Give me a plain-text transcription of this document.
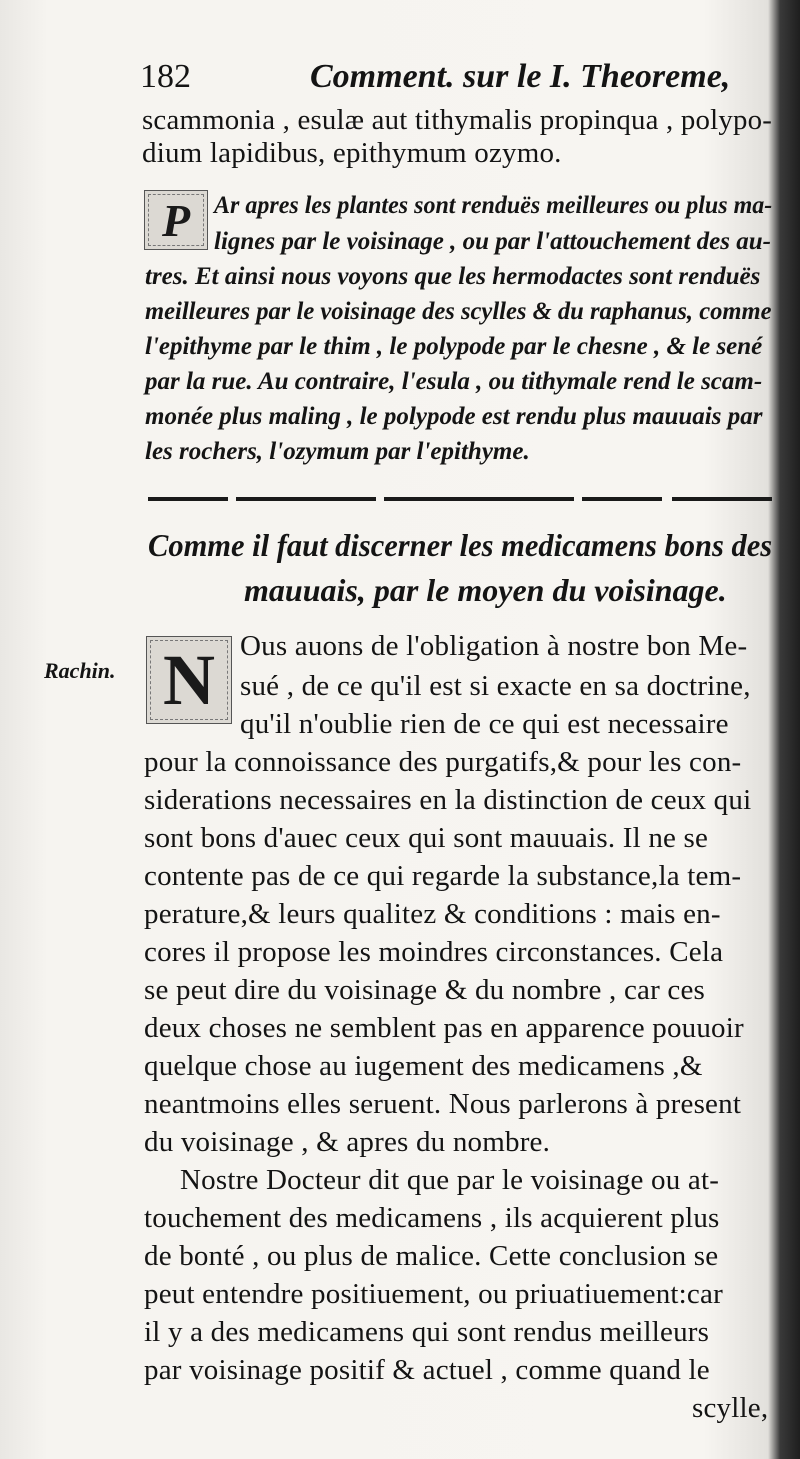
182	Comment. sur le I. Theoreme,
scammonia , esulæ aut tithymalis propinqua , polypo-
dium lapidibus, epithymum ozymo.
P Ar apres les plantes sont renduës meilleures ou plus ma-
lignes par le voisinage , ou par l'attouchement des au-
tres. Et ainsi nous voyons que les hermodactes sont renduës
meilleures par le voisinage des scylles & du raphanus, comme
l'epithyme par le thim , le polypode par le chesne , & le sené
par la rue. Au contraire, l'esula , ou tithymale rend le scam-
monée plus maling , le polypode est rendu plus mauuais par
les rochers, l'ozymum par l'epithyme.
Comme il faut discerner les medicamens bons des
mauuais, par le moyen du voisinage.
Rachin. N Ous auons de l'obligation à nostre bon Me-
sué , de ce qu'il est si exacte en sa doctrine,
qu'il n'oublie rien de ce qui est necessaire
pour la connoissance des purgatifs,& pour les con-
siderations necessaires en la distinction de ceux qui
sont bons d'auec ceux qui sont mauuais. Il ne se
contente pas de ce qui regarde la substance,la tem-
perature,& leurs qualitez & conditions : mais en-
cores il propose les moindres circonstances. Cela
se peut dire du voisinage & du nombre , car ces
deux choses ne semblent pas en apparence pouuoir
quelque chose au iugement des medicamens ,&
neantmoins elles seruent. Nous parlerons à present
du voisinage , & apres du nombre.
Nostre Docteur dit que par le voisinage ou at-
touchement des medicamens , ils acquierent plus
de bonté , ou plus de malice. Cette conclusion se
peut entendre positiuement, ou priuatiuement:car
il y a des medicamens qui sont rendus meilleurs
par voisinage positif & actuel , comme quand le
scylle,
